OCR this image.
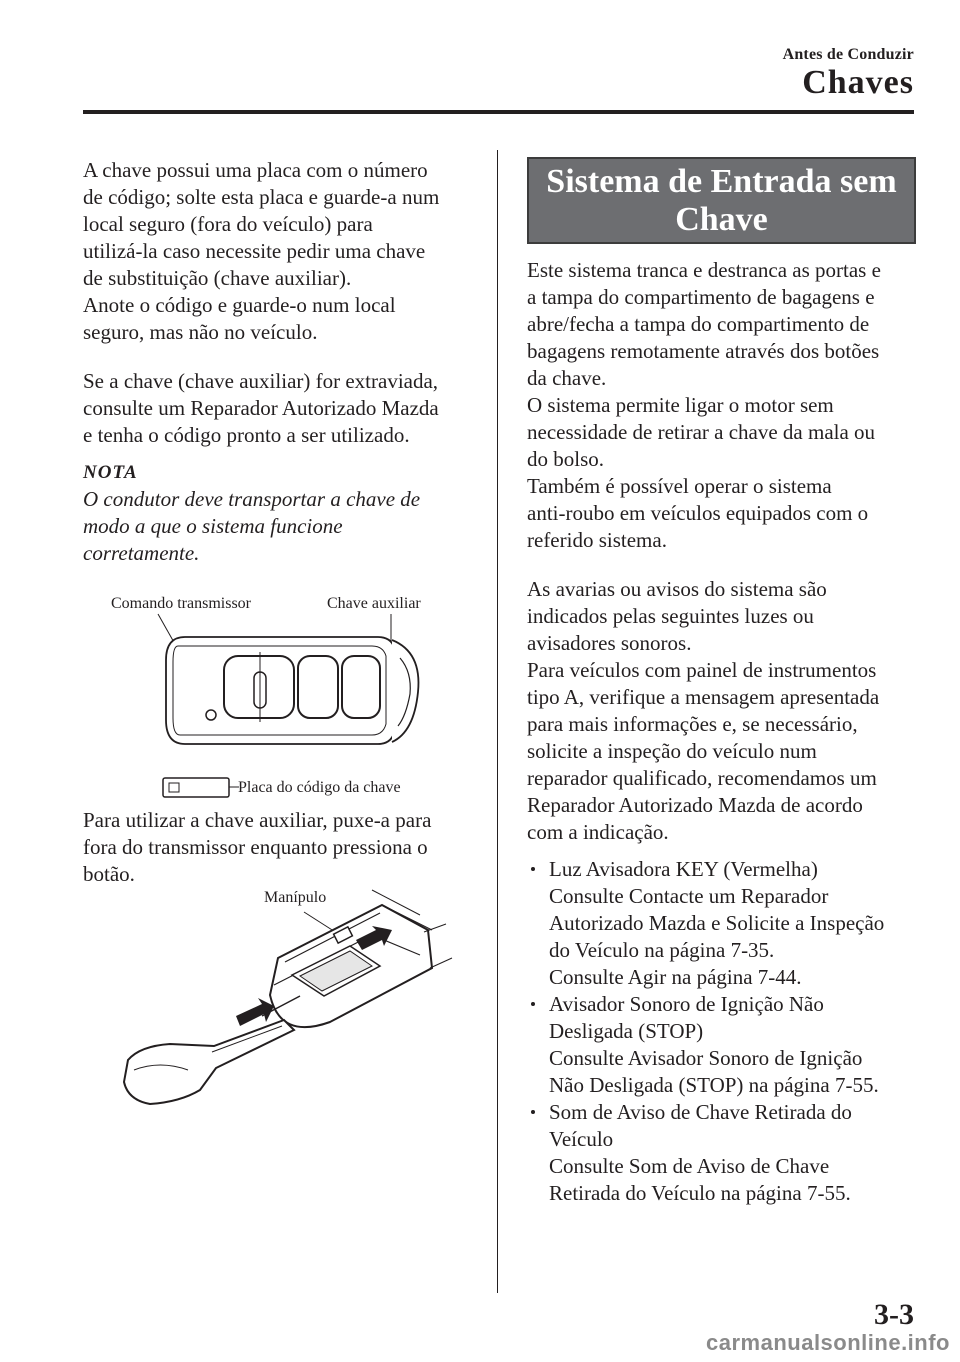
Antes de Conduzir
Chaves

A chave possui uma placa com o número
de código; solte esta placa e guarde-a num
local seguro (fora do veículo) para
utilizá-la caso necessite pedir uma chave
de substituição (chave auxiliar).
Anote o código e guarde-o num local
seguro, mas não no veículo.

Se a chave (chave auxiliar) for extraviada,
consulte um Reparador Autorizado Mazda
e tenha o código pronto a ser utilizado.

NOTA

O condutor deve transportar a chave de
modo a que o sistema funcione
corretamente.

Comando transmissor	Chave auxiliar
Placa do código da chave

Para utilizar a chave auxiliar, puxe-a para
fora do transmissor enquanto pressiona o
botão.

Manípulo
Sistema de Entrada sem
Chave

Este sistema tranca e destranca as portas e
a tampa do compartimento de bagagens e
abre/fecha a tampa do compartimento de
bagagens remotamente através dos botões
da chave.
O sistema permite ligar o motor sem
necessidade de retirar a chave da mala ou
do bolso.
Também é possível operar o sistema
anti-roubo em veículos equipados com o
referido sistema.

As avarias ou avisos do sistema são
indicados pelas seguintes luzes ou
avisadores sonoros.
Para veículos com painel de instrumentos
tipo A, verifique a mensagem apresentada
para mais informações e, se necessário,
solicite a inspeção do veículo num
reparador qualificado, recomendamos um
Reparador Autorizado Mazda de acordo
com a indicação.

Luz Avisadora KEY (Vermelha)
Consulte Contacte um Reparador
Autorizado Mazda e Solicite a Inspeção
do Veículo na página 7-35.
Consulte Agir na página 7-44.

Avisador Sonoro de Ignição Não
Desligada (STOP)
Consulte Avisador Sonoro de Ignição
Não Desligada (STOP) na página 7-55.

Som de Aviso de Chave Retirada do
Veículo
Consulte Som de Aviso de Chave
Retirada do Veículo na página 7-55.

3-3
carmanualsonline.info
